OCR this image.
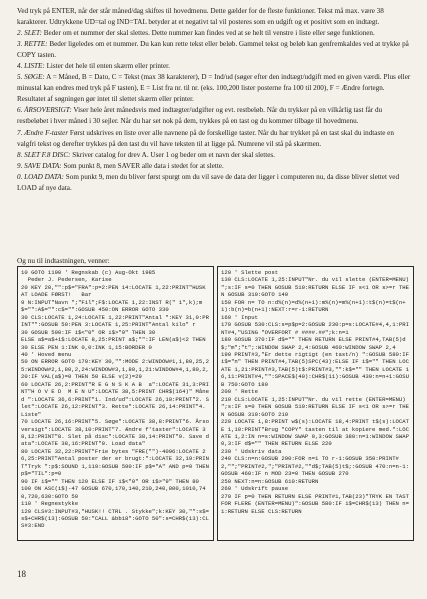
Ved tryk på ENTER, når der står måned/dag skiftes til hovedmenu. Dette gælder for de fleste funktioner. Tekst må max. være 38 karakterer. Udtrykkene UD=tal og IND=TAL betyder at et negativt tal vil posteres som en udgift og et positivt som en indtægt.

2. SLET: Beder om et nummer der skal slettes. Dette nummer kan findes ved at se helt til venstre i liste eller søge funktionen.

3. RETTE: Beder ligeledes om et nummer. Du kan kun rette tekst eller beløb. Gammel tekst og beløb kan genfremkaldes ved at trykke på COPY tasten.

4. LISTE: Lister det hele til enten skærm eller printer.

5. SØGE: A = Måned, B = Dato, C = Tekst (max 38 karakterer), D = Ind/ud (søger efter den indtægt/udgift med en given værdi. Plus eller minustal kan endres med tryk på F tasten), E = List fra nr. til nr. (eks. 100,200 lister posterne fra 100 til 200), F = Ændre fortegn. Resultatet af søgningen gør intet til slettet skærm eller printer.

6. ÅRSOVERSIGT: Viser hele året månedsvis med indtægter/udgifter og evt. restbeløb. Når du trykker på en vilkårlig tast får du restbeløbet i hver måned i 30 sejler. Når du har set nok på dem, trykkes på en tast og du kommer tilbage til hovedmenu.

7. Ændre F-taster Først udskrives en liste over alle navnene på de forskellige taster. Når du har trykket på en tast skal du indtaste en valgfri tekst og derefter trykkes på den tast du vil have teksten til at ligge på. Numrene vil stå på skærmen.

8. SLET F.8 DISC: Skriver catalog for drev A. User 1 og beder om et navn der skal slettes.

9. SAVE DATA: Som punkt 8, men SAVER alle data i stedet for at slette.

0. LOAD DATA: Som punkt 9, men du bliver først spurgt om du vil save de data der ligger i computeren nu, da disse bliver slettet ved LOAD af nye data.

Og nu til indtastningen, venner:
10 GOTO 1190 ' Regnskab (c) Aug-Okt 1985
Peder J. Pedersen, Karise
20 KEY 20,"":p$="FRA":p=2:PEN 14:LOCATE 1,22:PRINT"HUSK AT LOADE FØRST!   Bar
9 N:INPUT"Navn ";"Fil";F$:LOCATE 1,22:INST R(" 1",k);m$="":A$="":c$="":GOSUB 450:ON ERROR GOTO 330
30 CLS:LOCATE 1,24:LOCATE 1,22:PRINT"Antal ":KEY 31,0:PRINT"":GOSUB 50:PEN 3:LOCATE 1,25:PRINT"Antal kilo" r
30 GOSUB 590:IF i$<"0" OR i$>"9" THEN 30
ELSE a$=a$+i$:LOCATE 8,25:PRINT a$;"":IF LEN(a$)<2 THEN 30 ELSE PEN 1:INK 0,0:INK 1,15:BORDER 0
40 ' Hoved menu
50 ON ERROR GOTO 170:KEY 30,"":MODE 2:WINDOW#1,1,80,25,25:WINDOW#2,1,80,2,24:WINDOW#3,1,80,1,21:WINDOW#4,1,80,2,20:IF VAL(a$)=0 THEN 50 ELSE v(2)=29
60 LOCATE 26,2:PRINT"R E G N S K A B  a":LOCATE 31,3:PRINT"H O V E D  M E N U":LOCATE 38,5:PRINT CHR$(164)" Måned ":LOCATE 36,6:PRINT"1. Ind/ud":LOCATE 26,10:PRINT"2. Slet":LOCATE 26,12:PRINT"3. Rette":LOCATE 26,14:PRINT"4. Liste"
70 LOCATE 26,16:PRINT"5. Søge":LOCATE 38,8:PRINT"6. Årsoversigt":LOCATE 38,10:PRINT"7. Ændre f'taster":LOCATE 38,12:PRINT"8. Slet på disc":LOCATE 38,14:PRINT"9. Save data":LOCATE 38,16:PRINT"0. Load data"
80 LOCATE 32,22:PRINT"Frie bytes "FRE("")-4096:LOCATE 26,25:PRINT"Antal poster der er brugt:":LOCATE 32,19:PRINT"Tryk ":p$:SOUND 1,119:GOSUB 590:IF p$="A" AND p=0 THEN p$="TIL":p=0
90 IF i$="" THEN 120 ELSE IF i$<"0" OR i$>"9" THEN 80
100 ON ASC(i$)-47 GOSUB 670,170,140,210,240,800,1010,740,720,630:GOTO 50
110 ' Regnestykke
120 CLS#3:INPUT#3,"HUSK!! CTRL . Stykke";k:KEY 30,"":s$=s$+CHR$(13):GOSUB 50:"CALL &bb18":GOTO 50":s=CHR$(13):CLS#3:END
120 ' Slette post
130 CLS:LOCATE 1,25:INPUT"Nr. du vil slette (ENTER=MENU) ";s:IF s=0 THEN GOSUB 510:RETURN ELSE IF s<1 OR s>=r THEN GOSUB 310:GOTO 140
150 FOR n= TO n:d%(n)=d%(n+1):m%(n)=m%(n+1):t$(n)=t$(n+1):b(n)=b(n+1):NEXT:r=r-1:RETURN
160 ' Input
170 GOSUB 530:CLS:s=p$p=2:GOSUB 230:p=s:LOCATE#4,4,1:PRINT#4,"USING "OVERFORT # ####.##";k:n=1
180 GOSUB 370:IF d$="" THEN RETURN ELSE PRINT#4,TAB(5)d$;"m";"t";:WINDOW SWAP 2,4:GOSUB 460:WINDOW SWAP 2,4
190 PRINT#3,"Er dette rigtigt (en tast/n) ":GOSUB 580:IF i$="n" THEN PRINT#4,TAB(5)SPC(43):ELSE IF i$="" THEN LOCATE 1,21:PRINT#3,TAB(5)t$:PRINT#3,"":k$="" THEN LOCATE 16,11:PRINT#4,"":SPACE$(40):CHR$(11):GOSUB 430:n=n+1:GOSUB 750:GOTO 180
200 ' Rette
210 CLS:LOCATE 1,25:INPUT"Nr. du vil rette (ENTER=MENU) ";s:IF s=0 THEN GOSUB 510:RETURN ELSE IF s<1 OR s>=r THEN GOSUB 310:GOTO 210
220 LOCATE 1,8:PRINT w$(s):LOCATE 18,4:PRINT t$(s):LOCATE 1,10:PRINT"Brug "COPY" tasten til at kopiere med.":LOCATE 1,2:IN n=s:WINDOW SWAP 0,3:GOSUB 380:n=1:WINDOW SWAP 0,3:IF d$="" THEN RETURN ELSE 220
230 ' Udskriv data
240 CLS:n=n:GOSUB 290:FOR n=1 TO r-1:GOSUB 350:PRINT#2,"";"PRINT#2,";"PRINT#2,""d$;TAB(5)t$;:GOSUB 470:n=n-1:GOSUB 460:IF n MOD 23=0 THEN GOSUB 270
250 NEXT:n=n:GOSUB 610:RETURN
260 ' Udskrift pause
270 IF p=0 THEN RETURN ELSE PRINT#1,TAB(23)"TRYK EN TAST FOR FLERE (ENTER=MENU)":GOSUB 580:IF i$=CHR$(13) THEN n=1:RETURN ELSE CLS:RETURN
18
